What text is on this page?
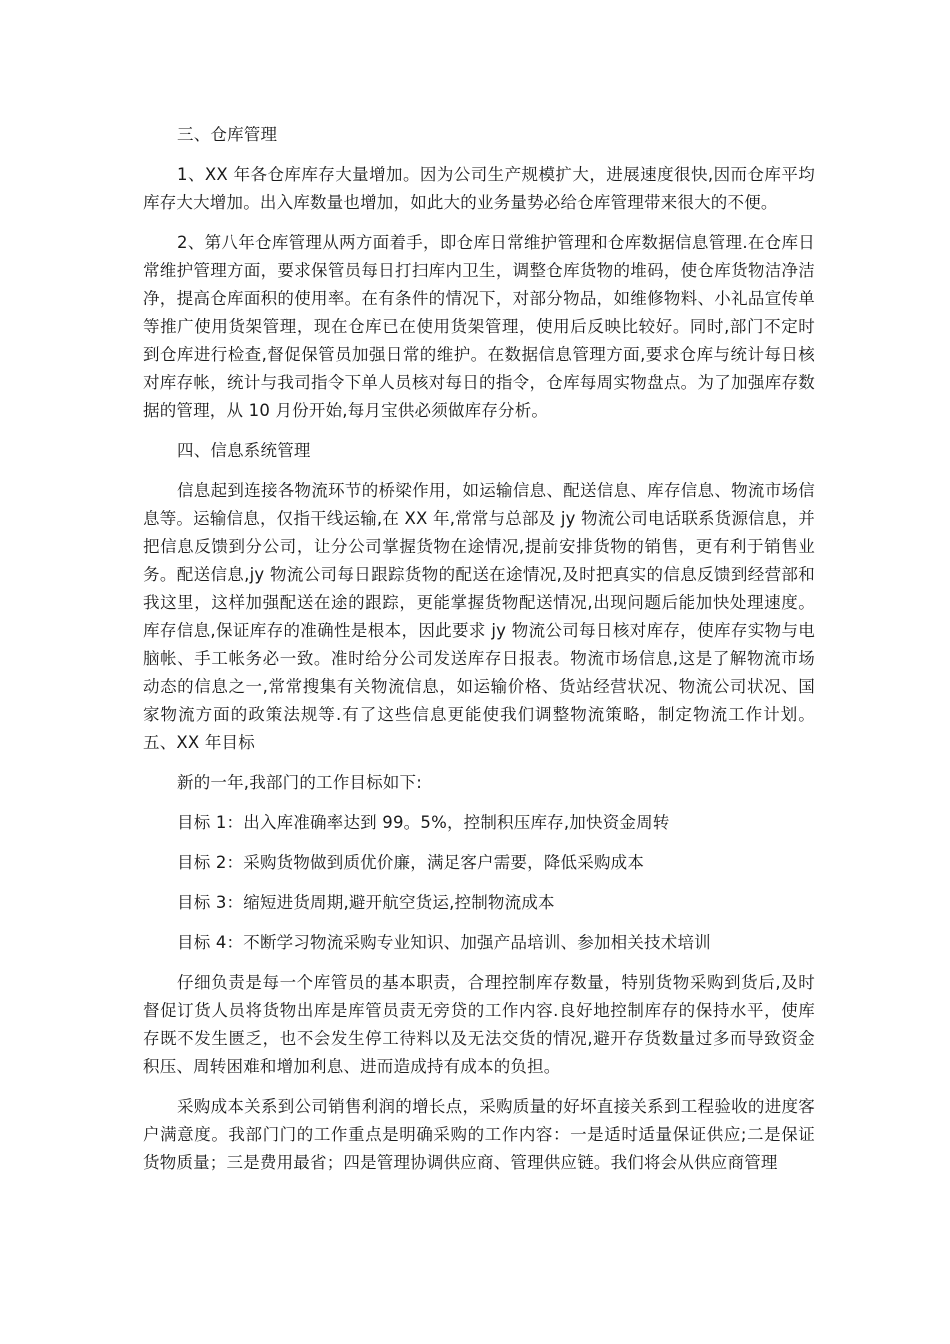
三、仓库管理

1、XX 年各仓库库存大量增加。因为公司生产规模扩大，进展速度很快,因而仓库平均库存大大增加。出入库数量也增加，如此大的业务量势必给仓库管理带来很大的不便。

2、第八年仓库管理从两方面着手，即仓库日常维护管理和仓库数据信息管理.在仓库日常维护管理方面，要求保管员每日打扫库内卫生，调整仓库货物的堆码，使仓库货物洁净洁净，提高仓库面积的使用率。在有条件的情况下，对部分物品，如维修物料、小礼品宣传单等推广使用货架管理，现在仓库已在使用货架管理，使用后反映比较好。同时,部门不定时到仓库进行检查,督促保管员加强日常的维护。在数据信息管理方面,要求仓库与统计每日核对库存帐，统计与我司指令下单人员核对每日的指令，仓库每周实物盘点。为了加强库存数据的管理，从 10 月份开始,每月宝供必须做库存分析。

四、信息系统管理

信息起到连接各物流环节的桥梁作用，如运输信息、配送信息、库存信息、物流市场信息等。运输信息，仅指干线运输,在 XX 年,常常与总部及 jy 物流公司电话联系货源信息，并把信息反馈到分公司，让分公司掌握货物在途情况,提前安排货物的销售，更有利于销售业务。配送信息,jy 物流公司每日跟踪货物的配送在途情况,及时把真实的信息反馈到经营部和我这里，这样加强配送在途的跟踪，更能掌握货物配送情况,出现问题后能加快处理速度。库存信息,保证库存的准确性是根本，因此要求 jy 物流公司每日核对库存，使库存实物与电脑帐、手工帐务必一致。准时给分公司发送库存日报表。物流市场信息,这是了解物流市场动态的信息之一,常常搜集有关物流信息，如运输价格、货站经营状况、物流公司状况、国家物流方面的政策法规等.有了这些信息更能使我们调整物流策略，制定物流工作计划。五、XX 年目标

新的一年,我部门的工作目标如下:

目标 1：出入库准确率达到 99。5%，控制积压库存,加快资金周转

目标 2：采购货物做到质优价廉，满足客户需要，降低采购成本

目标 3：缩短进货周期,避开航空货运,控制物流成本

目标 4：不断学习物流采购专业知识、加强产品培训、参加相关技术培训

仔细负责是每一个库管员的基本职责，合理控制库存数量，特别货物采购到货后,及时督促订货人员将货物出库是库管员责无旁贷的工作内容.良好地控制库存的保持水平，使库存既不发生匮乏，也不会发生停工待料以及无法交货的情况,避开存货数量过多而导致资金积压、周转困难和增加利息、进而造成持有成本的负担。

采购成本关系到公司销售利润的增长点，采购质量的好坏直接关系到工程验收的进度客户满意度。我部门门的工作重点是明确采购的工作内容：一是适时适量保证供应;二是保证货物质量；三是费用最省；四是管理协调供应商、管理供应链。我们将会从供应商管理
